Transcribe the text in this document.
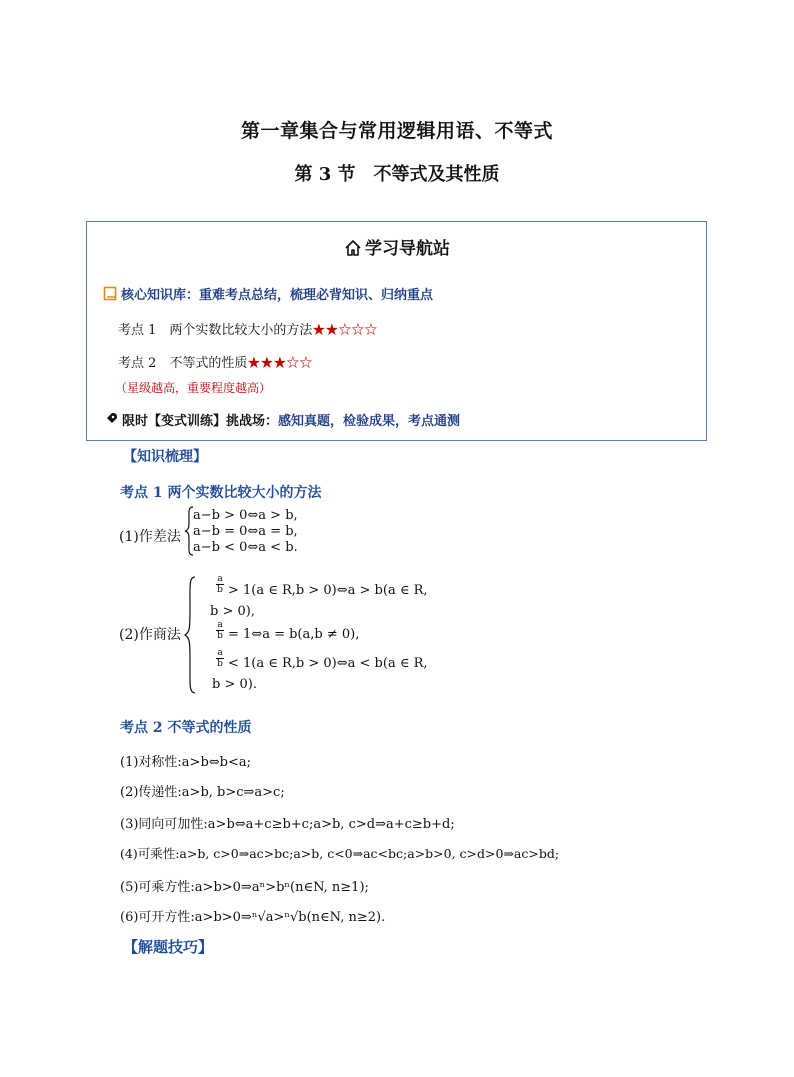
第一章集合与常用逻辑用语、不等式
第 3 节　不等式及其性质
学习导航站
核心知识库：重难考点总结，梳理必背知识、归纳重点
考点 1　两个实数比较大小的方法★★☆☆☆
考点 2　不等式的性质★★★☆☆
（星级越高，重要程度越高）
限时【变式训练】挑战场：感知真题，检验成果，考点通测
【知识梳理】
考点 1 两个实数比较大小的方法
(1)作差法
a−b > 0⇔a > b,
a−b = 0⇔a = b,
a−b < 0⇔a < b.
(2)作商法
$\frac{a}{b} > 1(a$ ∈ R,b > 0)⇔a > b(a ∈ R,
b > 0),
$\frac{a}{b}$ = 1⇔a = b(a,b ≠ 0),
$\frac{a}{b} < 1(a$ ∈ R,b > 0)⇔a < b(a ∈ R,
b > 0).
考点 2 不等式的性质
(1)对称性:a>b⇔b<a;
(2)传递性:a>b, b>c⇒a>c;
(3)同向可加性:a>b⇔a+c≥b+c;a>b, c>d⇒a+c≥b+d;
(4)可乘性:a>b, c>0⇒ac>bc;a>b, c<0⇒ac<bc;a>b>0, c>d>0⇒ac>bd;
(5)可乘方性:a>b>0⇒aⁿ>bⁿ(n∈N, n≥1);
(6)可开方性:a>b>0⇒ⁿ√a>ⁿ√b(n∈N, n≥2).
【解题技巧】
